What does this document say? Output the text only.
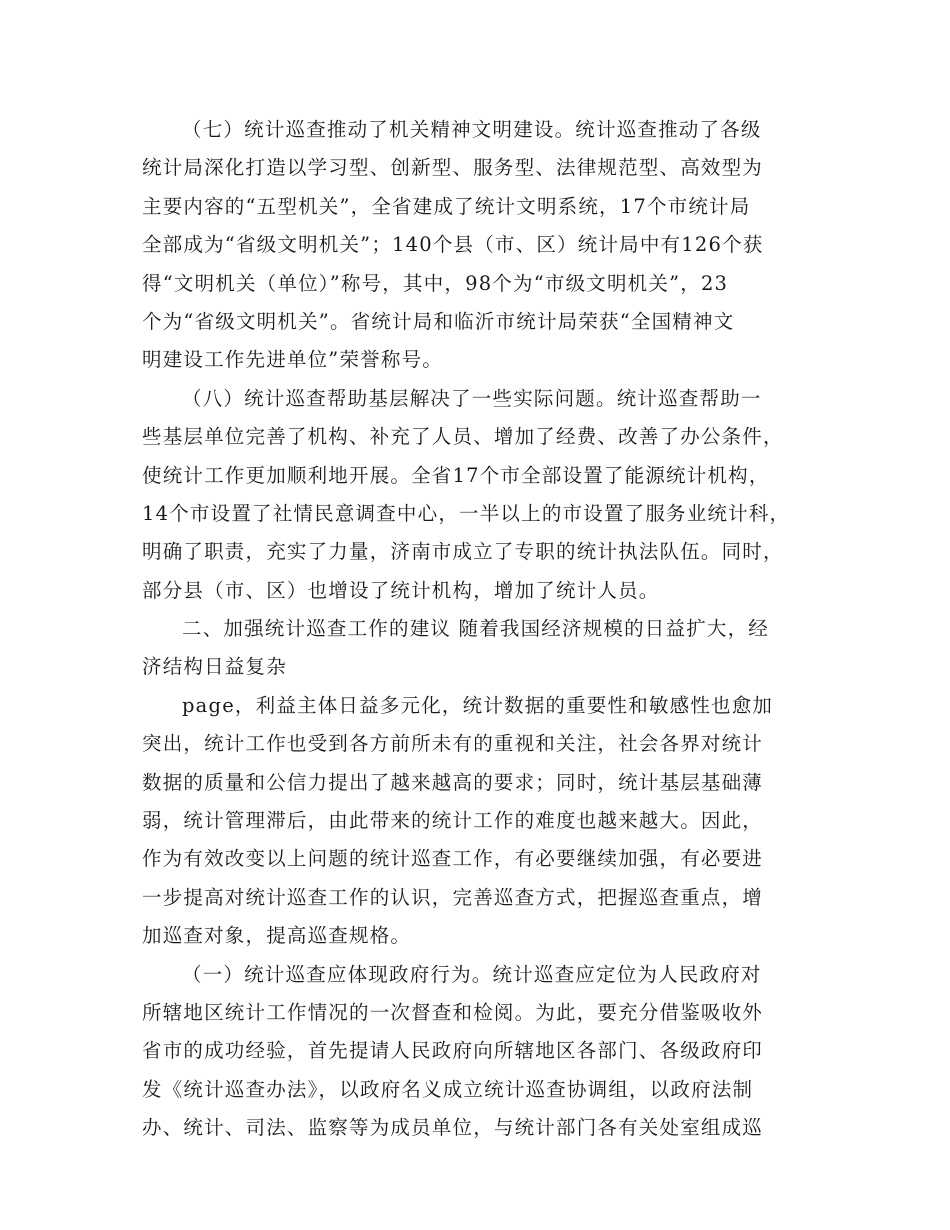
（七）统计巡查推动了机关精神文明建设。统计巡查推动了各级
统计局深化打造以学习型、创新型、服务型、法律规范型、高效型为
主要内容的“五型机关”，全省建成了统计文明系统，17个市统计局
全部成为“省级文明机关”；140个县（市、区）统计局中有126个获
得“文明机关（单位）”称号，其中，98个为“市级文明机关”，23
个为“省级文明机关”。省统计局和临沂市统计局荣获“全国精神文
明建设工作先进单位”荣誉称号。
（八）统计巡查帮助基层解决了一些实际问题。统计巡查帮助一
些基层单位完善了机构、补充了人员、增加了经费、改善了办公条件，
使统计工作更加顺利地开展。全省17个市全部设置了能源统计机构，
14个市设置了社情民意调查中心，一半以上的市设置了服务业统计科，
明确了职责，充实了力量，济南市成立了专职的统计执法队伍。同时，
部分县（市、区）也增设了统计机构，增加了统计人员。
二、加强统计巡查工作的建议 随着我国经济规模的日益扩大，经
济结构日益复杂
page，利益主体日益多元化，统计数据的重要性和敏感性也愈加
突出，统计工作也受到各方前所未有的重视和关注，社会各界对统计
数据的质量和公信力提出了越来越高的要求；同时，统计基层基础薄
弱，统计管理滞后，由此带来的统计工作的难度也越来越大。因此，
作为有效改变以上问题的统计巡查工作，有必要继续加强，有必要进
一步提高对统计巡查工作的认识，完善巡查方式，把握巡查重点，增
加巡查对象，提高巡查规格。
（一）统计巡查应体现政府行为。统计巡查应定位为人民政府对
所辖地区统计工作情况的一次督查和检阅。为此，要充分借鉴吸收外
省市的成功经验，首先提请人民政府向所辖地区各部门、各级政府印
发《统计巡查办法》，以政府名义成立统计巡查协调组，以政府法制
办、统计、司法、监察等为成员单位，与统计部门各有关处室组成巡
